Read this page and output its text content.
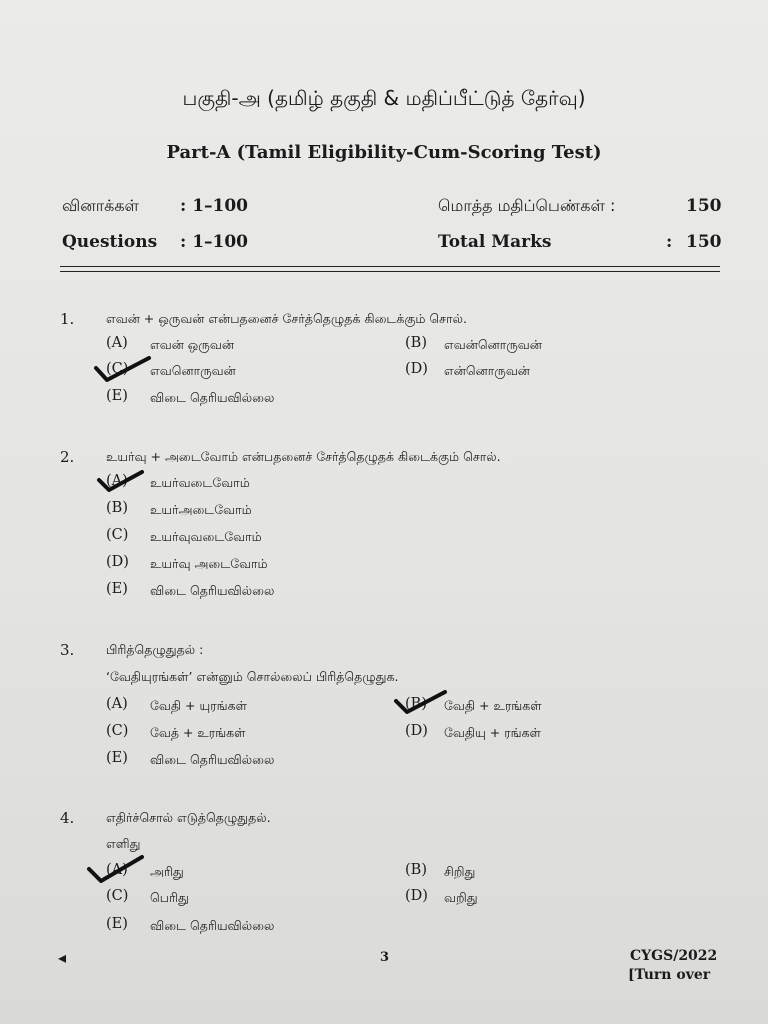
பகுதி-அ (தமிழ் தகுதி & மதிப்பீட்டுத் தேர்வு)
Part-A (Tamil Eligibility-Cum-Scoring Test)
வினாக்கள் : 1–100	மொத்த மதிப்பெண்கள் :	150
Questions : 1–100	Total Marks	: 150
1.	எவன் + ஒருவன் என்பதனைச் சேர்த்தெழுதக் கிடைக்கும் சொல்.
(A) எவன் ஒருவன்	(B) எவன்னொருவன்
(C) எவனொருவன்	(D) என்னொருவன்
(E) விடை தெரியவில்லை
2.	உயர்வு + அடைவோம் என்பதனைச் சேர்த்தெழுதக் கிடைக்கும் சொல்.
(A) உயர்வடைவோம்
(B) உயர்அடைவோம்
(C) உயர்வுவடைவோம்
(D) உயர்வு அடைவோம்
(E) விடை தெரியவில்லை
3.	பிரித்தெழுதுதல் :
‘வேதியுரங்கள்’ என்னும் சொல்லைப் பிரித்தெழுதுக.
(A) வேதி + யுரங்கள்	(B) வேதி + உரங்கள்
(C) வேத் + உரங்கள்	(D) வேதியு + ரங்கள்
(E) விடை தெரியவில்லை
4.	எதிர்ச்சொல் எடுத்தெழுதுதல்.
எளிது
(A) அரிது	(B) சிறிது
(C) பெரிது	(D) வறிது
(E) விடை தெரியவில்லை
◂	3	CYGS/2022
[Turn over
